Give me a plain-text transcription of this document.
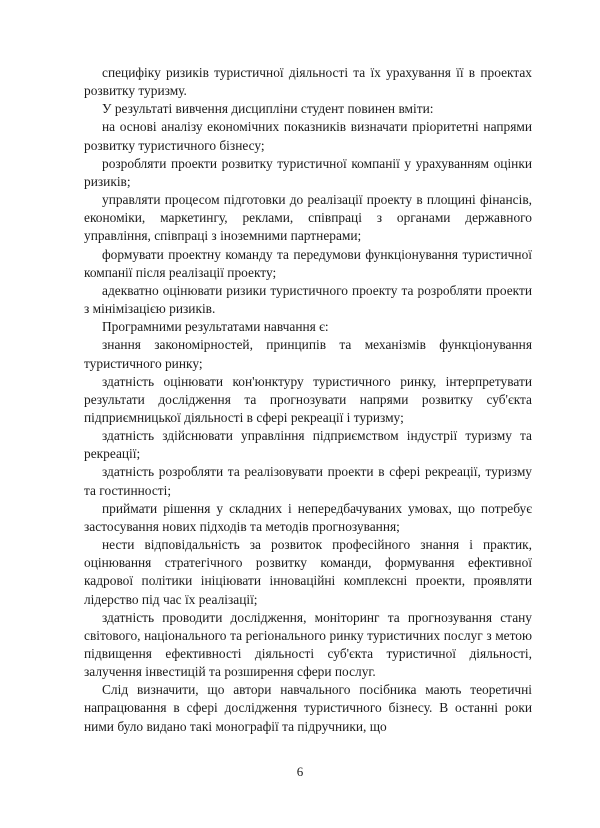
специфіку ризиків туристичної діяльності та їх урахування її в проектах розвитку туризму.

У результаті вивчення дисципліни студент повинен вміти:

на основі аналізу економічних показників визначати пріоритетні напрями розвитку туристичного бізнесу;

розробляти проекти розвитку туристичної компанії у урахуванням оцінки ризиків;

управляти процесом підготовки до реалізації проекту в площині фінансів, економіки, маркетингу, реклами, співпраці з органами державного управління, співпраці з іноземними партнерами;

формувати проектну команду та передумови функціонування туристичної компанії після реалізації проекту;

адекватно оцінювати ризики туристичного проекту та розробляти проекти з мінімізацією ризиків.

Програмними результатами навчання є:

знання закономірностей, принципів та механізмів функціонування туристичного ринку;

здатність оцінювати кон'юнктуру туристичного ринку, інтерпретувати результати дослідження та прогнозувати напрями розвитку суб'єкта підприємницької діяльності в сфері рекреації і туризму;

здатність здійснювати управління підприємством індустрії туризму та рекреації;

здатність розробляти та реалізовувати проекти в сфері рекреації, туризму та гостинності;

приймати рішення у складних і непередбачуваних умовах, що потребує застосування нових підходів та методів прогнозування;

нести відповідальність за розвиток професійного знання і практик, оцінювання стратегічного розвитку команди, формування ефективної кадрової політики ініціювати інноваційні комплексні проекти, проявляти лідерство під час їх реалізації;

здатність проводити дослідження, моніторинг та прогнозування стану світового, національного та регіонального ринку туристичних послуг з метою підвищення ефективності діяльності суб'єкта туристичної діяльності, залучення інвестицій та розширення сфери послуг.

Слід визначити, що автори навчального посібника мають теоретичні напрацювання в сфері дослідження туристичного бізнесу. В останні роки ними було видано такі монографії та підручники, що

6
